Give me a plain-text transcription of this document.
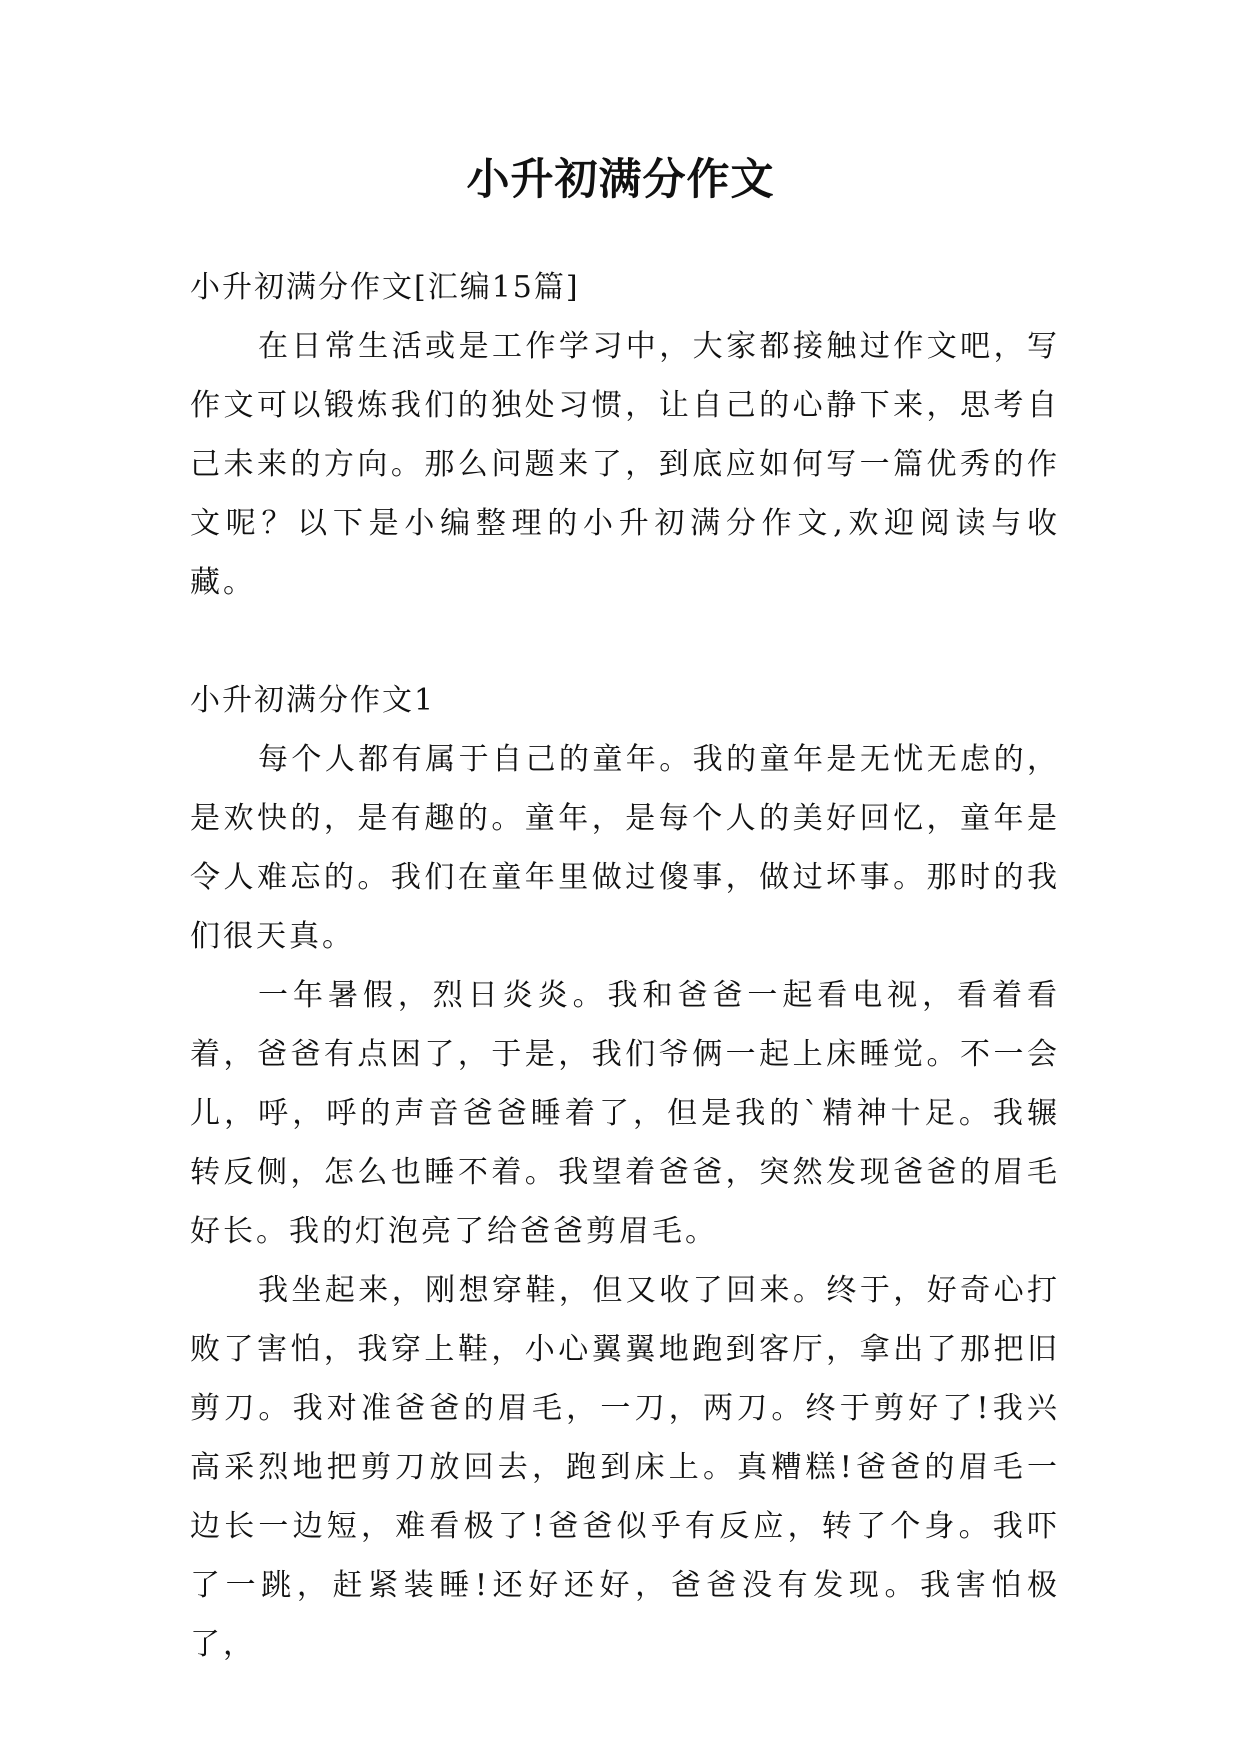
小升初满分作文

小升初满分作文[汇编15篇]

在日常生活或是工作学习中，大家都接触过作文吧，写作文可以锻炼我们的独处习惯，让自己的心静下来，思考自己未来的方向。那么问题来了，到底应如何写一篇优秀的作文呢？以下是小编整理的小升初满分作文,欢迎阅读与收藏。

小升初满分作文1

每个人都有属于自己的童年。我的童年是无忧无虑的，是欢快的，是有趣的。童年，是每个人的美好回忆，童年是令人难忘的。我们在童年里做过傻事，做过坏事。那时的我们很天真。

一年暑假，烈日炎炎。我和爸爸一起看电视，看着看着，爸爸有点困了，于是，我们爷俩一起上床睡觉。不一会儿，呼，呼的声音爸爸睡着了，但是我的`精神十足。我辗转反侧，怎么也睡不着。我望着爸爸，突然发现爸爸的眉毛好长。我的灯泡亮了给爸爸剪眉毛。

我坐起来，刚想穿鞋，但又收了回来。终于，好奇心打败了害怕，我穿上鞋，小心翼翼地跑到客厅，拿出了那把旧剪刀。我对准爸爸的眉毛，一刀，两刀。终于剪好了!我兴高采烈地把剪刀放回去，跑到床上。真糟糕!爸爸的眉毛一边长一边短，难看极了!爸爸似乎有反应，转了个身。我吓了一跳，赶紧装睡!还好还好，爸爸没有发现。我害怕极了，
